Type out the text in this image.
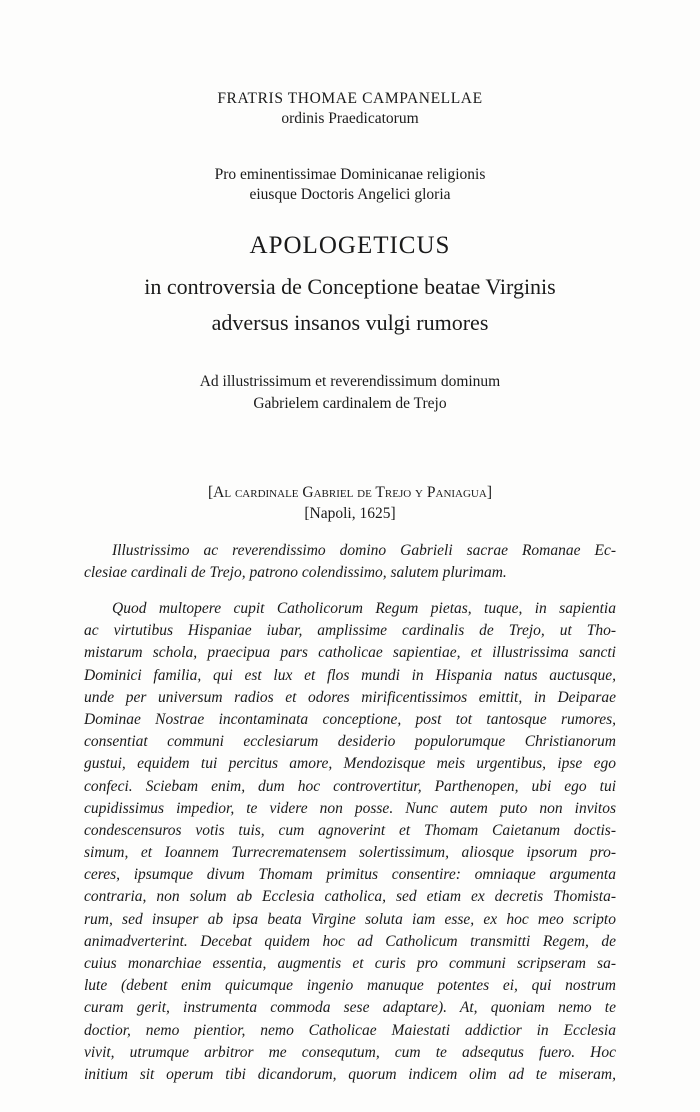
FRATRIS THOMAE CAMPANELLAE
ordinis Praedicatorum
Pro eminentissimae Dominicanae religionis
eiusque Doctoris Angelici gloria
APOLOGETICUS
in controversia de Conceptione beatae Virginis
adversus insanos vulgi rumores
Ad illustrissimum et reverendissimum dominum
Gabrielem cardinalem de Trejo
[Al cardinale Gabriel de Trejo y Paniagua]
[Napoli, 1625]
Illustrissimo ac reverendissimo domino Gabrieli sacrae Romanae Ec-
clesiae cardinali de Trejo, patrono colendissimo, salutem plurimam.
Quod multopere cupit Catholicorum Regum pietas, tuque, in sapientia
ac virtutibus Hispaniae iubar, amplissime cardinalis de Trejo, ut Tho-
mistarum schola, praecipua pars catholicae sapientiae, et illustrissima sancti
Dominici familia, qui est lux et flos mundi in Hispania natus auctusque,
unde per universum radios et odores mirificentissimos emittit, in Deiparae
Dominae Nostrae incontaminata conceptione, post tot tantosque rumores,
consentiat communi ecclesiarum desiderio populorumque Christianorum
gustui, equidem tui percitus amore, Mendozisque meis urgentibus, ipse ego
confeci. Sciebam enim, dum hoc controvertitur, Parthenopen, ubi ego tui
cupidissimus impedior, te videre non posse. Nunc autem puto non invitos
condescensuros votis tuis, cum agnoverint et Thomam Caietanum doctis-
simum, et Ioannem Turrecrematensem solertissimum, aliosque ipsorum pro-
ceres, ipsumque divum Thomam primitus consentire: omniaque argumenta
contraria, non solum ab Ecclesia catholica, sed etiam ex decretis Thomista-
rum, sed insuper ab ipsa beata Virgine soluta iam esse, ex hoc meo scripto
animadverterint. Decebat quidem hoc ad Catholicum transmitti Regem, de
cuius monarchiae essentia, augmentis et curis pro communi scripseram sa-
lute (debent enim quicumque ingenio manuque potentes ei, qui nostrum
curam gerit, instrumenta commoda sese adaptare). At, quoniam nemo te
doctior, nemo pientior, nemo Catholicae Maiestati addictior in Ecclesia
vivit, utrumque arbitror me consequtum, cum te adsequtus fuero. Hoc
initium sit operum tibi dicandorum, quorum indicem olim ad te miseram,
